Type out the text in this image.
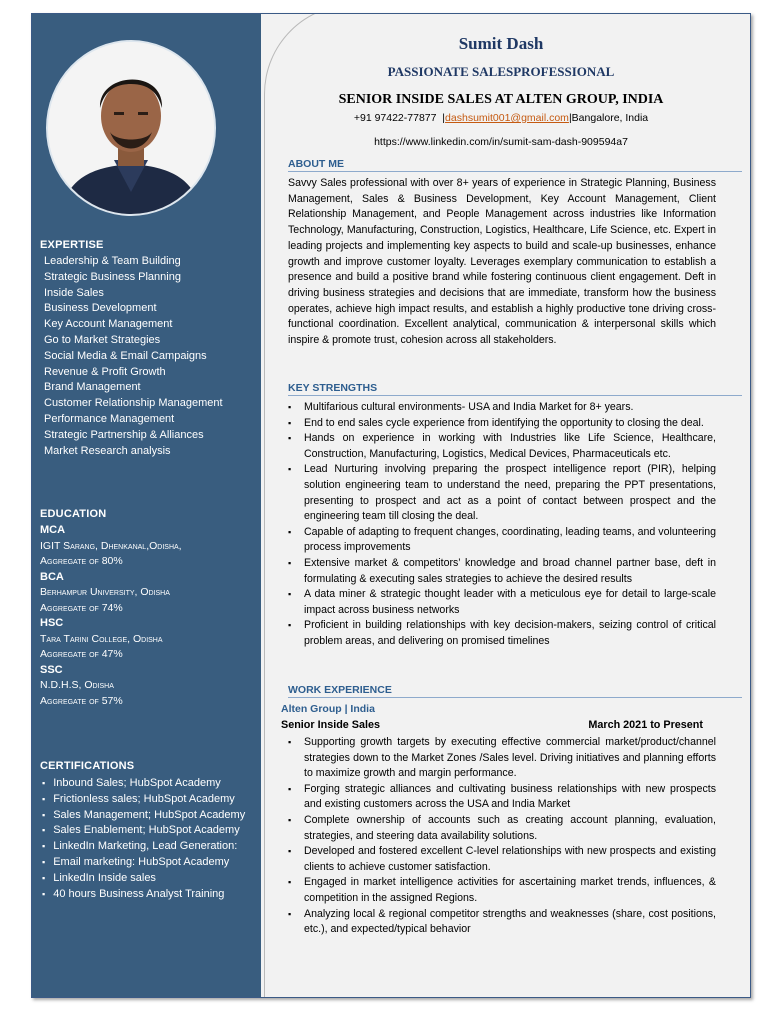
EXPERTISE
Leadership & Team Building
Strategic Business Planning
Inside Sales
Business Development
Key Account Management
Go to Market Strategies
Social Media & Email Campaigns
Revenue & Profit Growth
Brand Management
Customer Relationship Management
Performance Management
Strategic Partnership & Alliances
Market Research analysis
EDUCATION
MCA
IGIT Sarang, Dhenkanal,Odisha,
Aggregate of 80%
BCA
Berhampur University, Odisha
Aggregate of 74%
HSC
Tara Tarini College, Odisha
Aggregate of 47%
SSC
N.D.H.S, Odisha
Aggregate of 57%
CERTIFICATIONS
▪ Inbound Sales; HubSpot Academy
▪ Frictionless sales; HubSpot Academy
▪ Sales Management; HubSpot Academy
▪ Sales Enablement; HubSpot Academy
▪ LinkedIn Marketing, Lead Generation:
▪ Email marketing: HubSpot Academy
▪ LinkedIn Inside sales
▪ 40 hours Business Analyst Training
Sumit Dash
PASSIONATE SALESPROFESSIONAL
SENIOR INSIDE SALES AT ALTEN GROUP, INDIA
+91 97422-77877  |dashsumit001@gmail.com|Bangalore, India
https://www.linkedin.com/in/sumit-sam-dash-909594a7
ABOUT ME
Savvy Sales professional with over 8+ years of experience in Strategic Planning, Business Management, Sales & Business Development, Key Account Management, Client Relationship Management, and People Management across industries like Information Technology, Manufacturing, Construction, Logistics, Healthcare, Life Science, etc. Expert in leading projects and implementing key aspects to build and scale-up businesses, enhance growth and improve customer loyalty. Leverages exemplary communication to establish a presence and build a positive brand while fostering continuous client engagement. Deft in driving business strategies and decisions that are immediate, transform how the business operates, achieve high impact results, and establish a highly productive tone driving cross-functional coordination. Excellent analytical, communication & interpersonal skills which inspire & promote trust, cohesion across all stakeholders.
KEY STRENGTHS
▪ Multifarious cultural environments- USA and India Market for 8+ years.
▪ End to end sales cycle experience from identifying the opportunity to closing the deal.
▪ Hands on experience in working with Industries like Life Science, Healthcare, Construction, Manufacturing, Logistics, Medical Devices, Pharmaceuticals etc.
▪ Lead Nurturing involving preparing the prospect intelligence report (PIR), helping solution engineering team to understand the need, preparing the PPT presentations, presenting to prospect and act as a point of contact between prospect and the engineering team till closing the deal.
▪ Capable of adapting to frequent changes, coordinating, leading teams, and volunteering process improvements
▪ Extensive market & competitors’ knowledge and broad channel partner base, deft in formulating & executing sales strategies to achieve the desired results
▪ A data miner & strategic thought leader with a meticulous eye for detail to large-scale impact across business networks
▪ Proficient in building relationships with key decision-makers, seizing control of critical problem areas, and delivering on promised timelines
WORK EXPERIENCE
Alten Group | India
Senior Inside Sales	March 2021 to Present
▪ Supporting growth targets by executing effective commercial market/product/channel strategies down to the Market Zones /Sales level. Driving initiatives and planning efforts to maximize growth and margin performance.
▪ Forging strategic alliances and cultivating business relationships with new prospects and existing customers across the USA and India Market
▪ Complete ownership of accounts such as creating account planning, evaluation, strategies, and steering data availability solutions.
▪ Developed and fostered excellent C-level relationships with new prospects and existing clients to achieve customer satisfaction.
▪ Engaged in market intelligence activities for ascertaining market trends, influences, & competition in the assigned Regions.
▪ Analyzing local & regional competitor strengths and weaknesses (share, cost positions, etc.), and expected/typical behavior
